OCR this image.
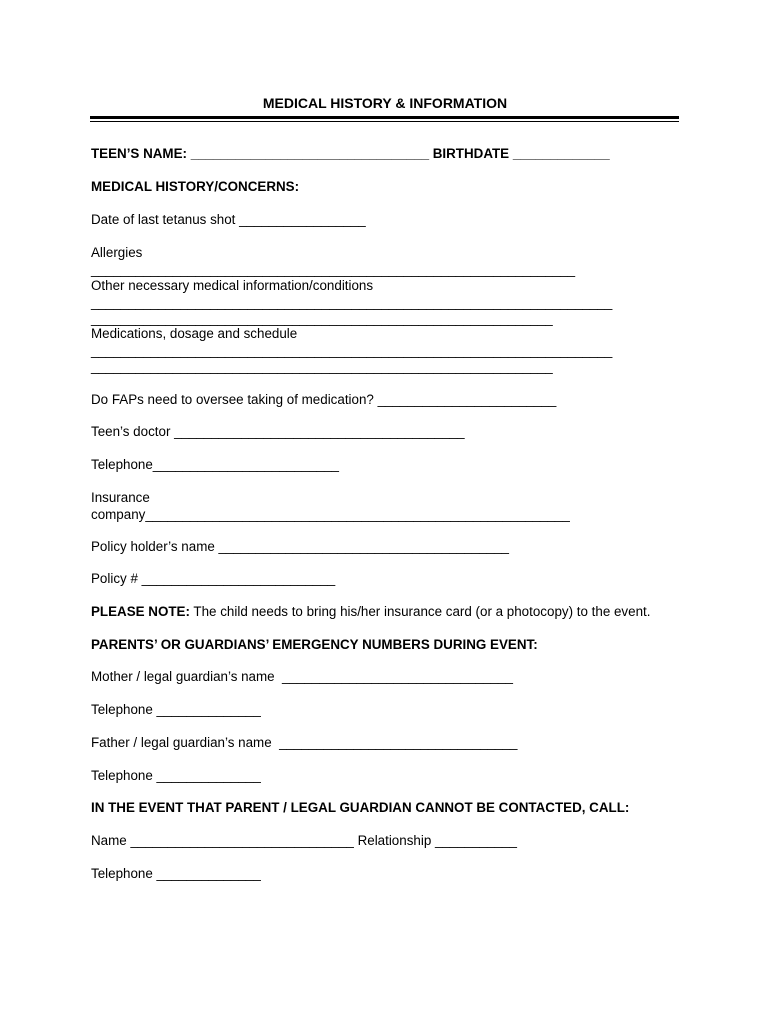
MEDICAL HISTORY & INFORMATION
TEEN’S NAME: ________________________________ BIRTHDATE _____________
MEDICAL HISTORY/CONCERNS:
Date of last tetanus shot _________________
Allergies
_________________________________________________________________
Other necessary medical information/conditions
______________________________________________________________________
______________________________________________________________
Medications, dosage and schedule
______________________________________________________________________
______________________________________________________________
Do FAPs need to oversee taking of medication? ________________________
Teen’s doctor _______________________________________
Telephone_________________________
Insurance
company_________________________________________________________
Policy holder’s name _______________________________________
Policy # __________________________
PLEASE NOTE: The child needs to bring his/her insurance card (or a photocopy) to the event.
PARENTS’ OR GUARDIANS’ EMERGENCY NUMBERS DURING EVENT:
Mother / legal guardian’s name  _______________________________
Telephone ______________
Father / legal guardian’s name  ________________________________
Telephone ______________
IN THE EVENT THAT PARENT / LEGAL GUARDIAN CANNOT BE CONTACTED, CALL:
Name ______________________________ Relationship ___________
Telephone ______________
